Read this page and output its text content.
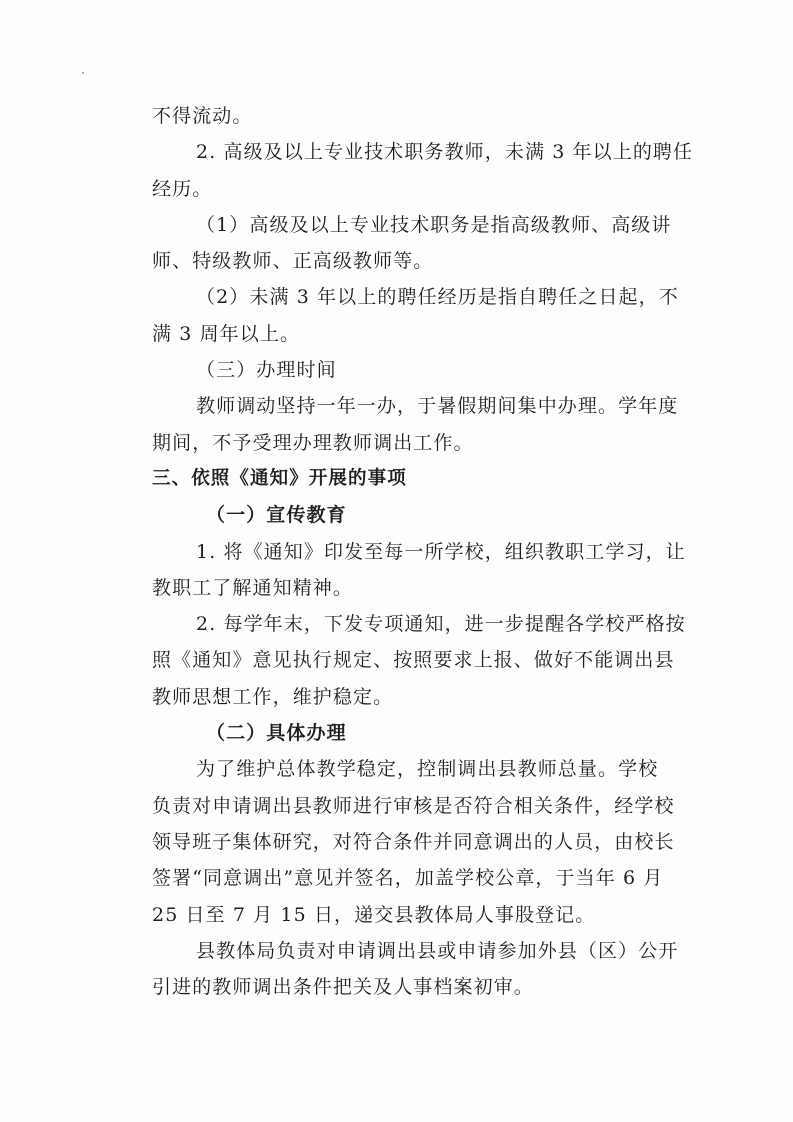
不得流动。
2. 高级及以上专业技术职务教师，未满 3 年以上的聘任
经历。
（1）高级及以上专业技术职务是指高级教师、高级讲
师、特级教师、正高级教师等。
（2）未满 3 年以上的聘任经历是指自聘任之日起，不
满 3 周年以上。
（三）办理时间
教师调动坚持一年一办，于暑假期间集中办理。学年度
期间，不予受理办理教师调出工作。
三、依照《通知》开展的事项
（一）宣传教育
1. 将《通知》印发至每一所学校，组织教职工学习，让
教职工了解通知精神。
2. 每学年末，下发专项通知，进一步提醒各学校严格按
照《通知》意见执行规定、按照要求上报、做好不能调出县
教师思想工作，维护稳定。
（二）具体办理
为了维护总体教学稳定，控制调出县教师总量。学校
负责对申请调出县教师进行审核是否符合相关条件，经学校
领导班子集体研究，对符合条件并同意调出的人员，由校长
签署“同意调出”意见并签名，加盖学校公章，于当年 6 月
25 日至 7 月 15 日，递交县教体局人事股登记。
县教体局负责对申请调出县或申请参加外县（区）公开
引进的教师调出条件把关及人事档案初审。
